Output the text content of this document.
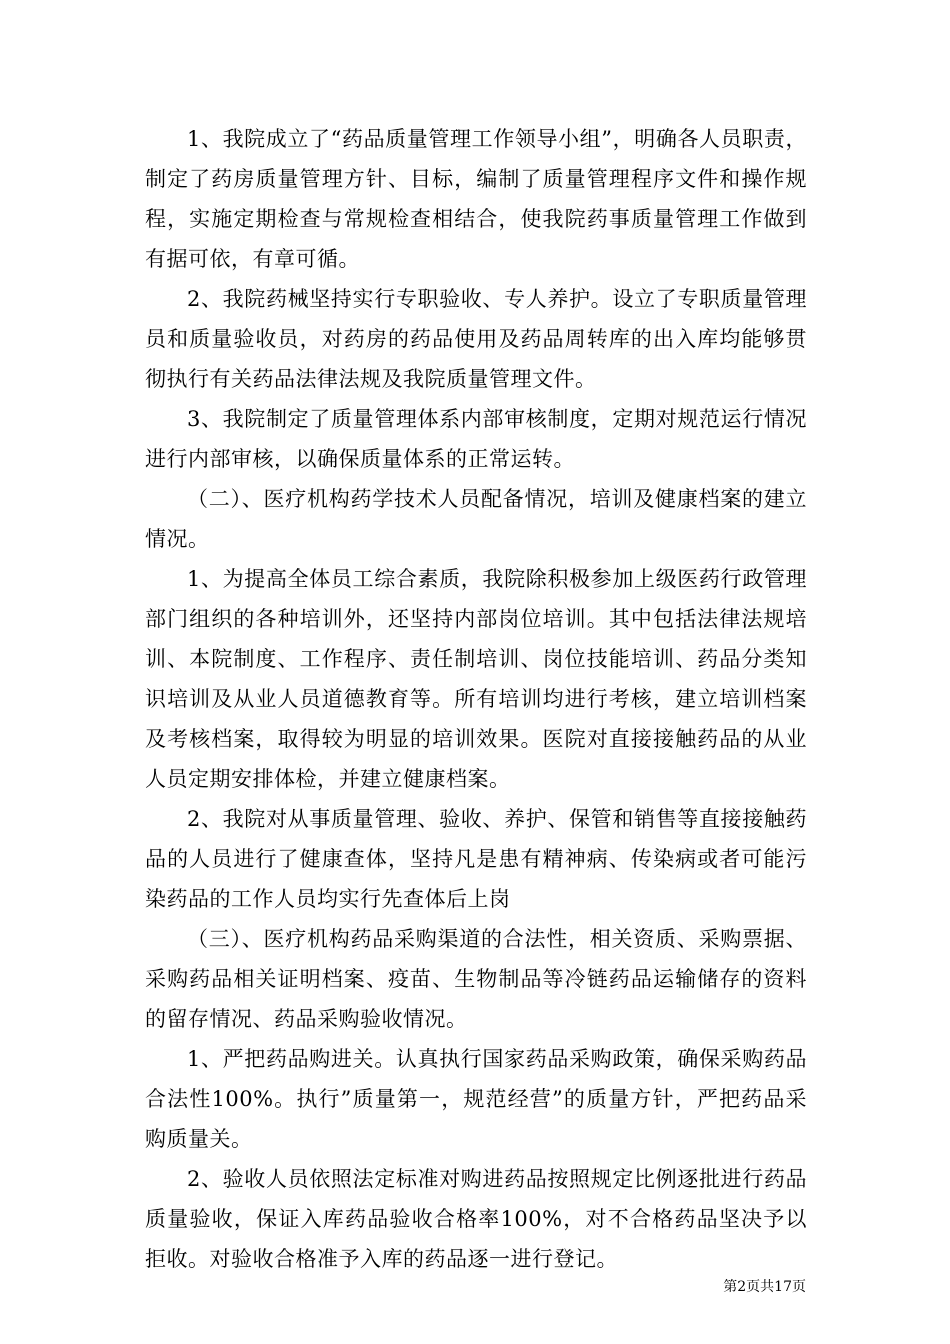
1、我院成立了“药品质量管理工作领导小组”，明确各人员职责，制定了药房质量管理方针、目标，编制了质量管理程序文件和操作规程，实施定期检查与常规检查相结合，使我院药事质量管理工作做到有据可依，有章可循。

2、我院药械坚持实行专职验收、专人养护。设立了专职质量管理员和质量验收员，对药房的药品使用及药品周转库的出入库均能够贯彻执行有关药品法律法规及我院质量管理文件。

3、我院制定了质量管理体系内部审核制度，定期对规范运行情况进行内部审核，以确保质量体系的正常运转。

（二）、医疗机构药学技术人员配备情况，培训及健康档案的建立情况。

1、为提高全体员工综合素质，我院除积极参加上级医药行政管理部门组织的各种培训外，还坚持内部岗位培训。其中包括法律法规培训、本院制度、工作程序、责任制培训、岗位技能培训、药品分类知识培训及从业人员道德教育等。所有培训均进行考核，建立培训档案及考核档案，取得较为明显的培训效果。医院对直接接触药品的从业人员定期安排体检，并建立健康档案。

2、我院对从事质量管理、验收、养护、保管和销售等直接接触药品的人员进行了健康查体，坚持凡是患有精神病、传染病或者可能污染药品的工作人员均实行先查体后上岗

（三）、医疗机构药品采购渠道的合法性，相关资质、采购票据、采购药品相关证明档案、疫苗、生物制品等冷链药品运输储存的资料的留存情况、药品采购验收情况。

1、严把药品购进关。认真执行国家药品采购政策，确保采购药品合法性100%。执行”质量第一，规范经营”的质量方针，严把药品采购质量关。

2、验收人员依照法定标准对购进药品按照规定比例逐批进行药品质量验收，保证入库药品验收合格率100%，对不合格药品坚决予以拒收。对验收合格准予入库的药品逐一进行登记。

第2页共17页
